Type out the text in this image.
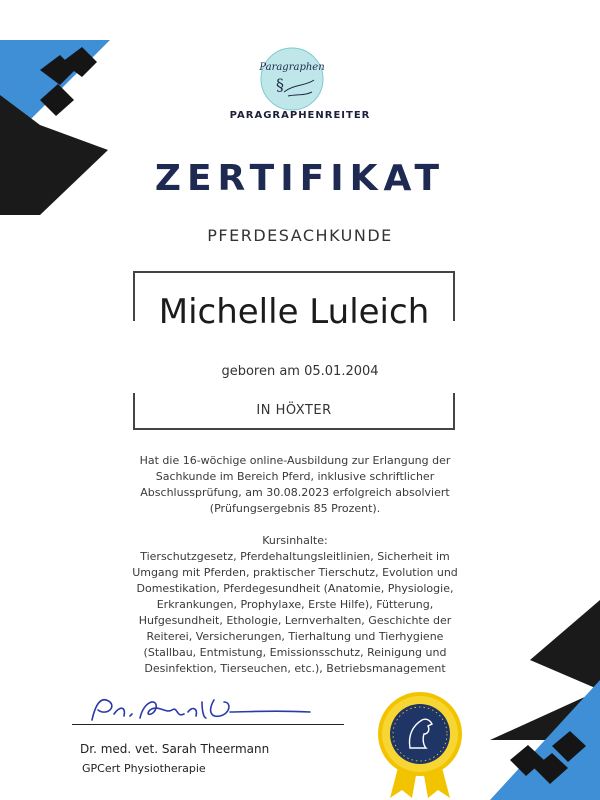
Paragraphen
§
PARAGRAPHENREITER
ZERTIFIKAT
PFERDESACHKUNDE
Michelle Luleich
geboren am 05.01.2004
IN HÖXTER
Hat die 16-wöchige online-Ausbildung zur Erlangung der
Sachkunde im Bereich Pferd, inklusive schriftlicher
Abschlussprüfung, am 30.08.2023 erfolgreich absolviert
(Prüfungsergebnis 85 Prozent).
Kursinhalte:
Tierschutzgesetz, Pferdehaltungsleitlinien, Sicherheit im
Umgang mit Pferden, praktischer Tierschutz, Evolution und
Domestikation, Pferdegesundheit (Anatomie, Physiologie,
Erkrankungen, Prophylaxe, Erste Hilfe), Fütterung,
Hufgesundheit, Ethologie, Lernverhalten, Geschichte der
Reiterei, Versicherungen, Tierhaltung und Tierhygiene
(Stallbau, Entmistung, Emissionsschutz, Reinigung und
Desinfektion, Tierseuchen, etc.), Betriebsmanagement
Dr. med. vet. Sarah Theermann
GPCert Physiotherapie
